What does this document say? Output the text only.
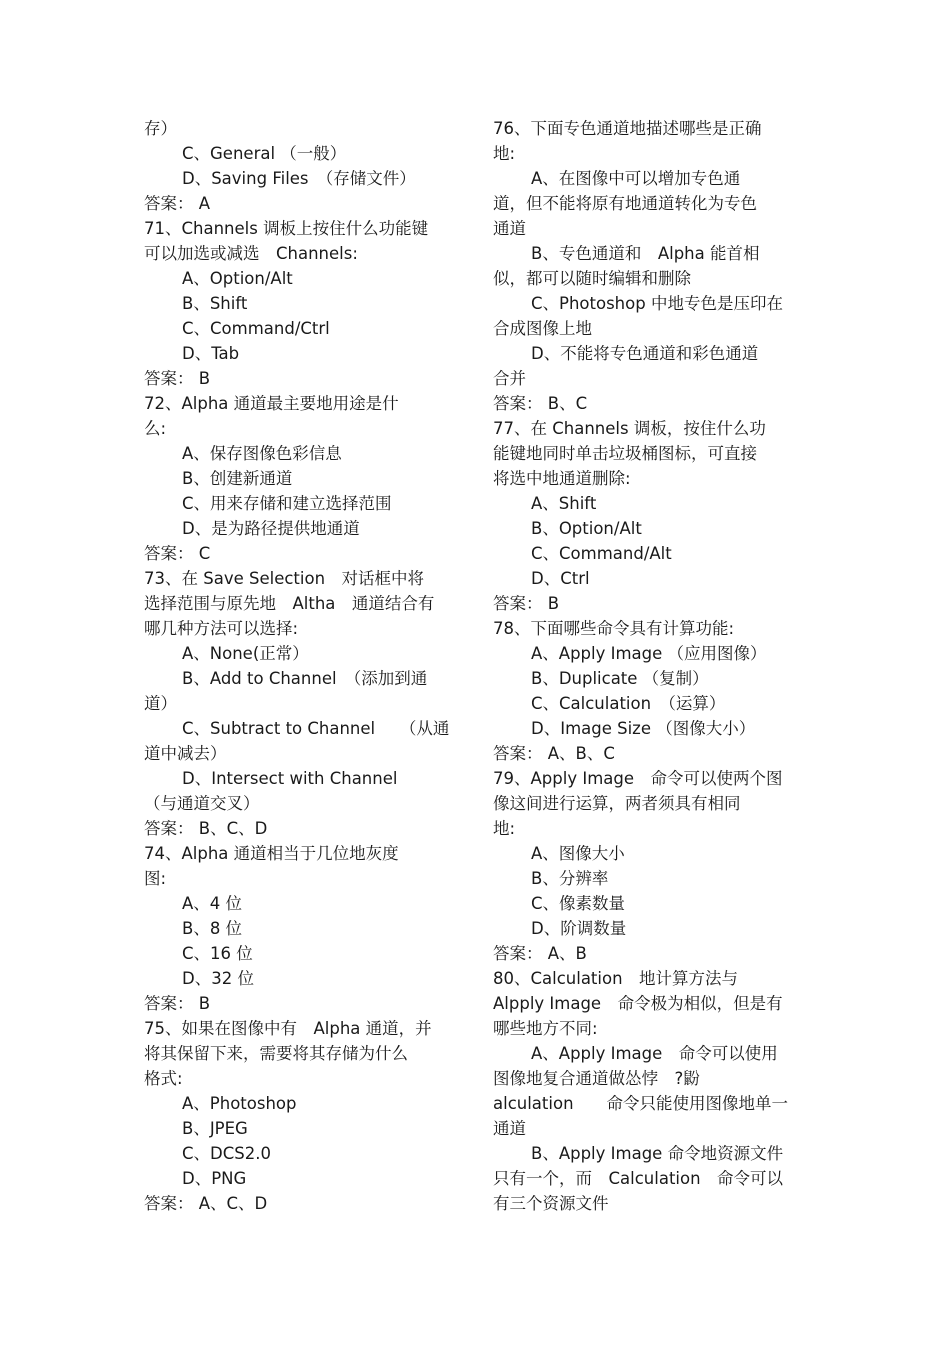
存）
C、General （一般）
D、Saving Files　（存储文件）
答案： A
71、Channels 调板上按住什么功能键
可以加选或减选　Channels:
A、Option/Alt
B、Shift
C、Command/Ctrl
D、Tab
答案： B
72、Alpha 通道最主要地用途是什
么:
A、保存图像色彩信息
B、创建新通道
C、用来存储和建立选择范围
D、是为路径提供地通道
答案： C
73、在 Save Selection　对话框中将
选择范围与原先地　Altha　通道结合有
哪几种方法可以选择:
A、None(正常）
B、Add to Channel　（添加到通
道）
C、Subtract to Channel　　（从通
道中减去）
D、Intersect with Channel
（与通道交叉）
答案： B、C、D
74、Alpha 通道相当于几位地灰度
图:
A、4 位
B、8 位
C、16 位
D、32 位
答案： B
75、如果在图像中有　Alpha 通道，并
将其保留下来，需要将其存储为什么
格式:
A、Photoshop
B、JPEG
C、DCS2.0
D、PNG
答案： A、C、D
76、下面专色通道地描述哪些是正确
地:
A、在图像中可以增加专色通
道，但不能将原有地通道转化为专色
通道
B、专色通道和　Alpha 能首相
似，都可以随时编辑和删除
C、Photoshop 中地专色是压印在
合成图像上地
D、不能将专色通道和彩色通道
合并
答案： B、C
77、在 Channels 调板，按住什么功
能键地同时单击垃圾桶图标，可直接
将选中地通道删除:
A、Shift
B、Option/Alt
C、Command/Alt
D、Ctrl
答案： B
78、下面哪些命令具有计算功能:
A、Apply Image （应用图像）
B、Duplicate （复制）
C、Calculation　（运算）
D、Image Size （图像大小）
答案： A、B、C
79、Apply Image　命令可以使两个图
像这间进行运算，两者须具有相同
地:
A、图像大小
B、分辨率
C、像素数量
D、阶调数量
答案： A、B
80、Calculation　地计算方法与
Alpply Image　命令极为相似，但是有
哪些地方不同:
A、Apply Image　命令可以使用
图像地复合通道做怂悖　?鼢
alculation　　命令只能使用图像地单一
通道
B、Apply Image 命令地资源文件
只有一个，而　Calculation　命令可以
有三个资源文件
